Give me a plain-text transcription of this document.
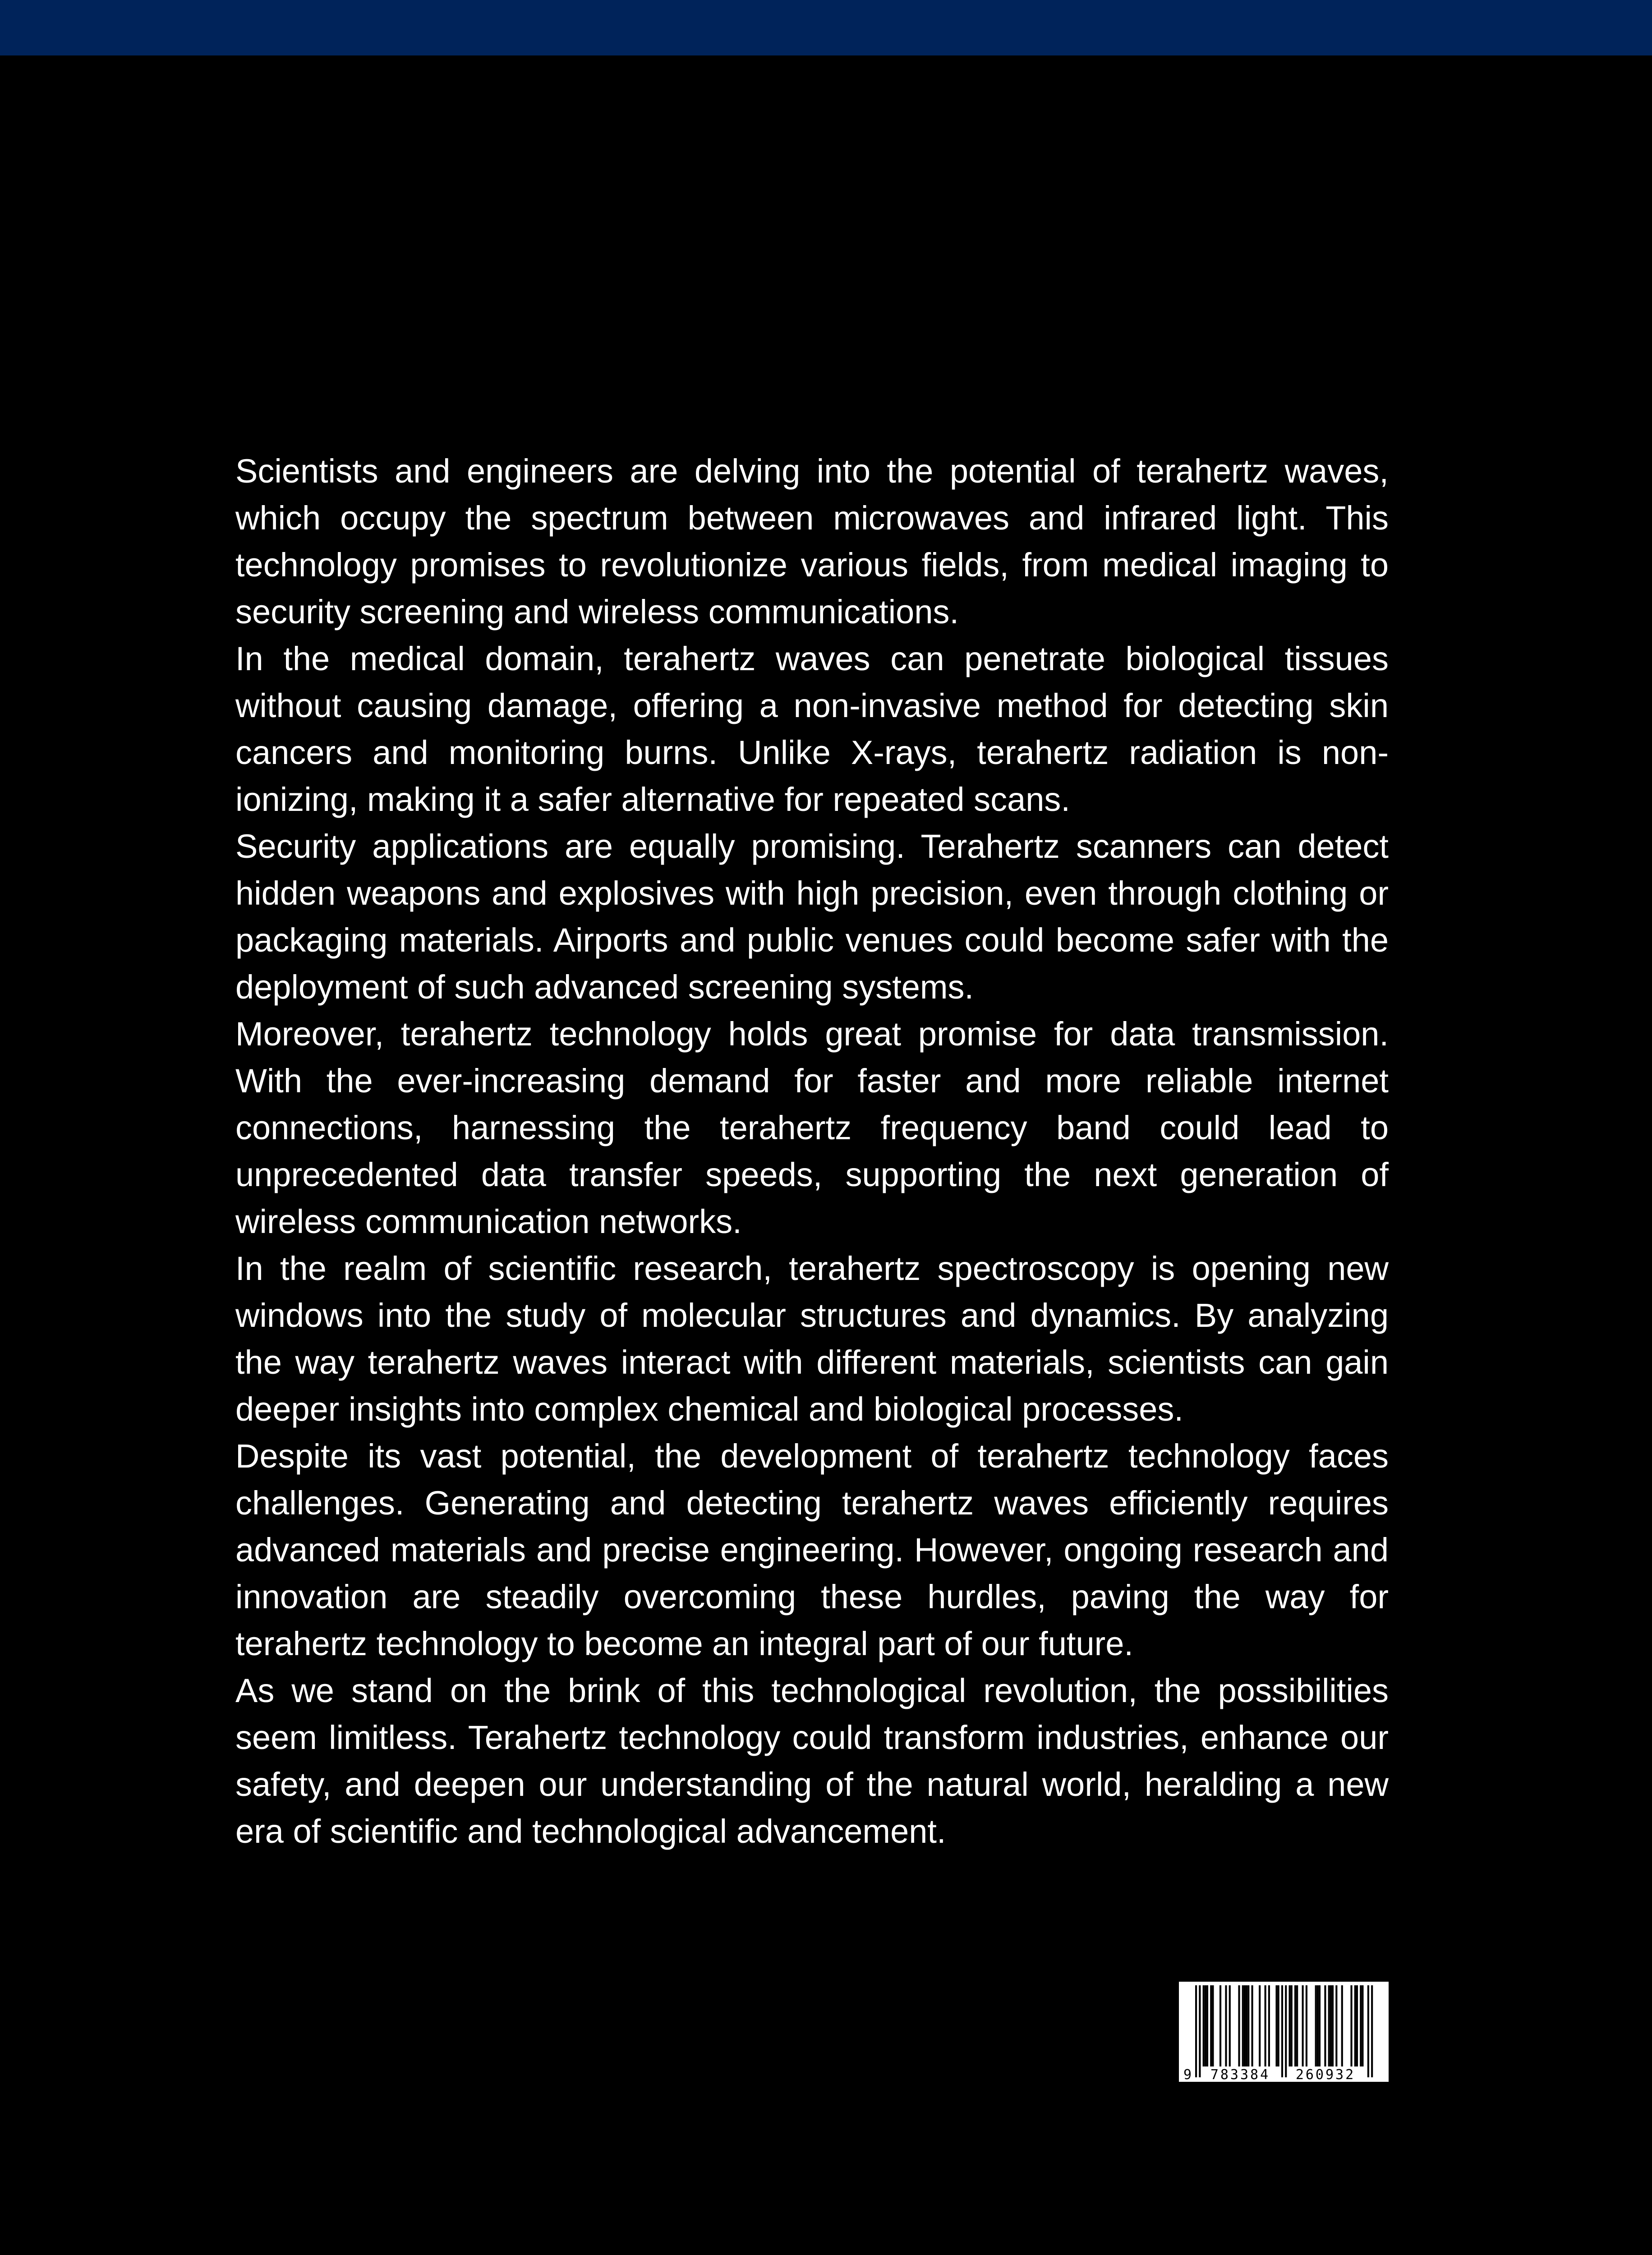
Scientists and engineers are delving into the potential of terahertz waves, which occupy the spectrum between microwaves and infrared light. This technology promises to revolutionize various fields, from medical imaging to security screening and wireless communications.

In the medical domain, terahertz waves can penetrate biological tissues without causing damage, offering a non-invasive method for detecting skin cancers and monitoring burns. Unlike X-rays, terahertz radiation is non-ionizing, making it a safer alternative for repeated scans.

Security applications are equally promising. Terahertz scanners can detect hidden weapons and explosives with high precision, even through clothing or packaging materials. Airports and public venues could become safer with the deployment of such advanced screening systems.

Moreover, terahertz technology holds great promise for data transmission. With the ever-increasing demand for faster and more reliable internet connections, harnessing the terahertz frequency band could lead to unprecedented data transfer speeds, supporting the next generation of wireless communication networks.

In the realm of scientific research, terahertz spectroscopy is opening new windows into the study of molecular structures and dynamics. By analyzing the way terahertz waves interact with different materials, scientists can gain deeper insights into complex chemical and biological processes.

Despite its vast potential, the development of terahertz technology faces challenges. Generating and detecting terahertz waves efficiently requires advanced materials and precise engineering. However, ongoing research and innovation are steadily overcoming these hurdles, paving the way for terahertz technology to become an integral part of our future.

As we stand on the brink of this technological revolution, the possibilities seem limitless. Terahertz technology could transform industries, enhance our safety, and deepen our understanding of the natural world, heralding a new era of scientific and technological advancement.

9 783384 260932
